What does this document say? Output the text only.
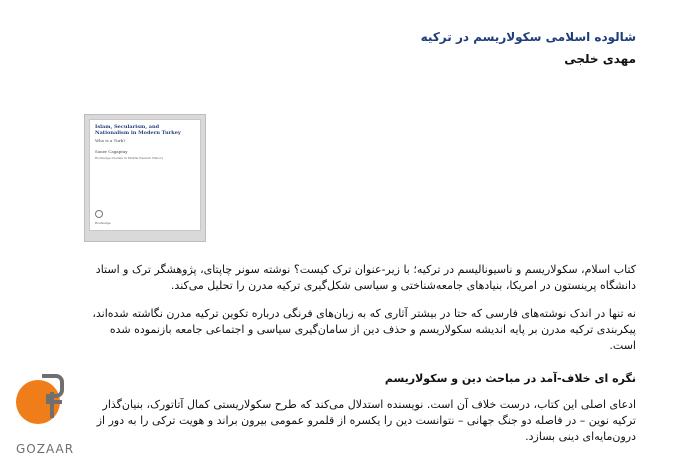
شالوده اسلامی سکولاریسم در ترکیه
مهدی خلجی
Islam, Secularism, and Nationalism in Modern Turkey
Who is a Turk?
Soner Cagaptay
Routledge Studies in Middle Eastern History
Routledge
کتاب اسلام، سکولاریسم و ناسیونالیسم در ترکیه؛ با زیر-عنوان ترک کیست؟ نوشته سونر چاپتای، پژوهشگر ترک و استاد دانشگاه پرینستون در امریکا، بنیادهای جامعه‌شناختی و سیاسی شکل‌گیری ترکیه مدرن را تحلیل می‌کند.
نه تنها در اندک نوشته‌های فارسی که حتا در بیشتر آثاری که به زبان‌های فرنگی درباره تکوین ترکیه مدرن نگاشته شده‌اند، پیکربندی ترکیه مدرن بر پایه اندیشه سکولاریسم و حذف دین از سامان‌گیری سیاسی و اجتماعی جامعه بازنموده شده است.
نگره ای خلاف-آمد در مباحث دین و سکولاریسم
ادعای اصلی این کتاب، درست خلاف آن است. نویسنده استدلال می‌کند که طرح سکولاریستی کمال آتاتورک، بنیان‌گذار ترکیه نوین – در فاصله دو جنگ جهانی – نتوانست دین را یکسره از قلمرو عمومی بیرون براند و هویت ترکی را به دور از درون‌مایه‌ای دینی بسازد.
GOZAAR
